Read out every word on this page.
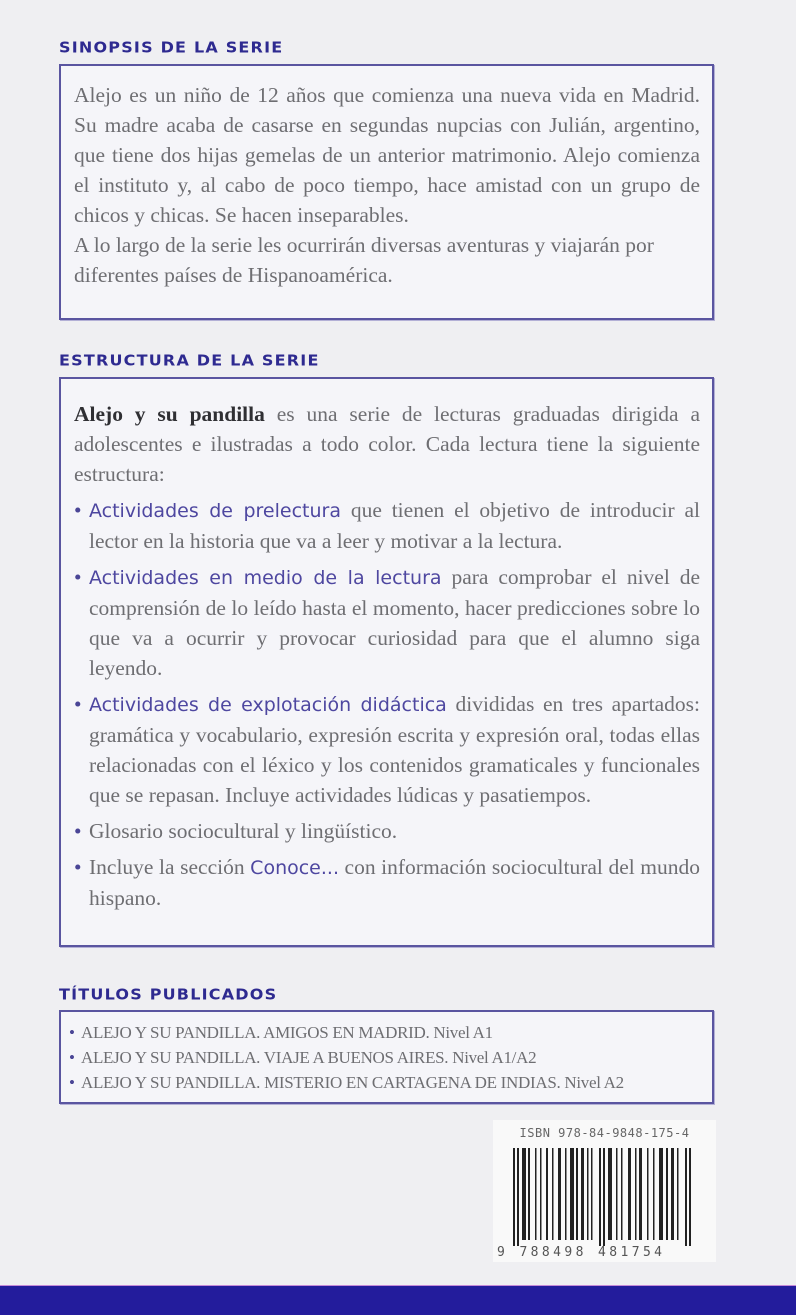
SINOPSIS DE LA SERIE

Alejo es un niño de 12 años que comienza una nueva vida en Madrid. Su madre acaba de casarse en segundas nupcias con Julián, argentino, que tiene dos hijas gemelas de un anterior matrimonio. Alejo comienza el instituto y, al cabo de poco tiempo, hace amistad con un grupo de chicos y chicas. Se hacen inseparables.

A lo largo de la serie les ocurrirán diversas aventuras y viajarán por diferentes países de Hispanoamérica.

ESTRUCTURA DE LA SERIE

Alejo y su pandilla es una serie de lecturas graduadas dirigida a adolescentes e ilustradas a todo color. Cada lectura tiene la siguiente estructura:

• Actividades de prelectura que tienen el objetivo de introducir al lector en la historia que va a leer y motivar a la lectura.
• Actividades en medio de la lectura para comprobar el nivel de comprensión de lo leído hasta el momento, hacer predicciones sobre lo que va a ocurrir y provocar curiosidad para que el alumno siga leyendo.
• Actividades de explotación didáctica divididas en tres apartados: gramática y vocabulario, expresión escrita y expresión oral, todas ellas relacionadas con el léxico y los contenidos gramaticales y funcionales que se repasan. Incluye actividades lúdicas y pasatiempos.
• Glosario sociocultural y lingüístico.
• Incluye la sección Conoce... con información sociocultural del mundo hispano.
TÍTULOS PUBLICADOS
• ALEJO Y SU PANDILLA. AMIGOS EN MADRID. Nivel A1
• ALEJO Y SU PANDILLA. VIAJE A BUENOS AIRES. Nivel A1/A2
• ALEJO Y SU PANDILLA. MISTERIO EN CARTAGENA DE INDIAS. Nivel A2
ISBN 978-84-9848-175-4
9 788498 481754
